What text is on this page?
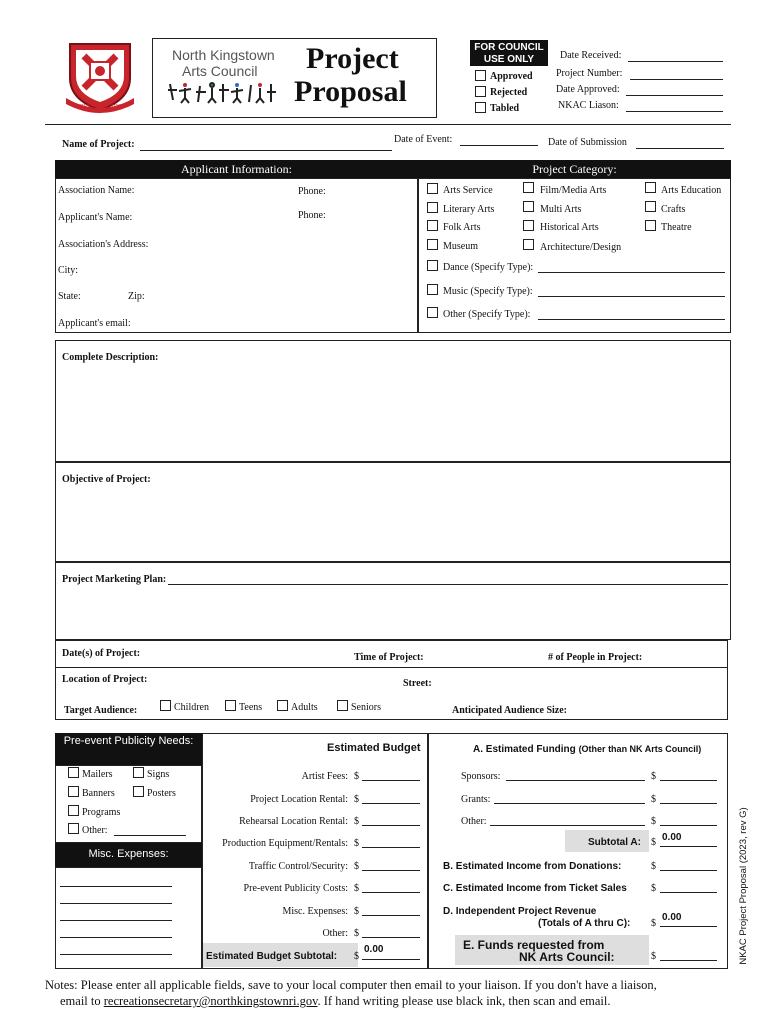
NORTH KINGSTOWN
North Kingstown
Arts Council Project
Proposal
FOR COUNCIL
USE ONLY
Approved
Rejected
Tabled
Date Received:
Project Number:
Date Approved:
NKAC Liason:
Name of Project:	Date of Event:	Date of Submission
Applicant Information:	Project Category:
Association Name:	Phone:
Applicant's Name:	Phone:
Association's Address:
City:
State:	Zip:
Applicant's email:
Arts Service
Literary Arts
Folk Arts
Museum
Film/Media Arts
Multi Arts
Historical Arts
Architecture/Design
Arts Education
Crafts
Theatre
Dance (Specify Type):
Music (Specify Type):
Other (Specify Type):
Complete Description:
Objective of Project:
Project Marketing Plan:
Date(s) of Project:	Time of Project:	# of People in Project:
Location of Project:	Street:
Target Audience:	Children	Teens	Adults	Seniors	Anticipated Audience Size:
Pre-event Publicity Needs:
Mailers	Signs
Banners	Posters
Programs
Other:
Misc. Expenses:
Estimated Budget
Artist Fees: $
Project Location Rental: $
Rehearsal Location Rental: $
Production Equipment/Rentals: $
Traffic Control/Security: $
Pre-event Publicity Costs: $
Misc. Expenses: $
Other: $
Estimated Budget Subtotal: $
0.00
A. Estimated Funding (Other than NK Arts Council)
Sponsors:	$
Grants:	$
Other:	$
Subtotal A: $ 0.00
B. Estimated Income from Donations:	$
C. Estimated Income from Ticket Sales $
D. Independent Project Revenue
(Totals of A thru C): $
0.00
E. Funds requested from
NK Arts Council:	$	NKAC Project Proposal (2023, rev G)
Notes: Please enter all applicable fields, save to your local computer then email to your liaison. If you don't have a liaison,
email to recreationsecretary@northkingstownri.gov. If hand writing please use black ink, then scan and email.
